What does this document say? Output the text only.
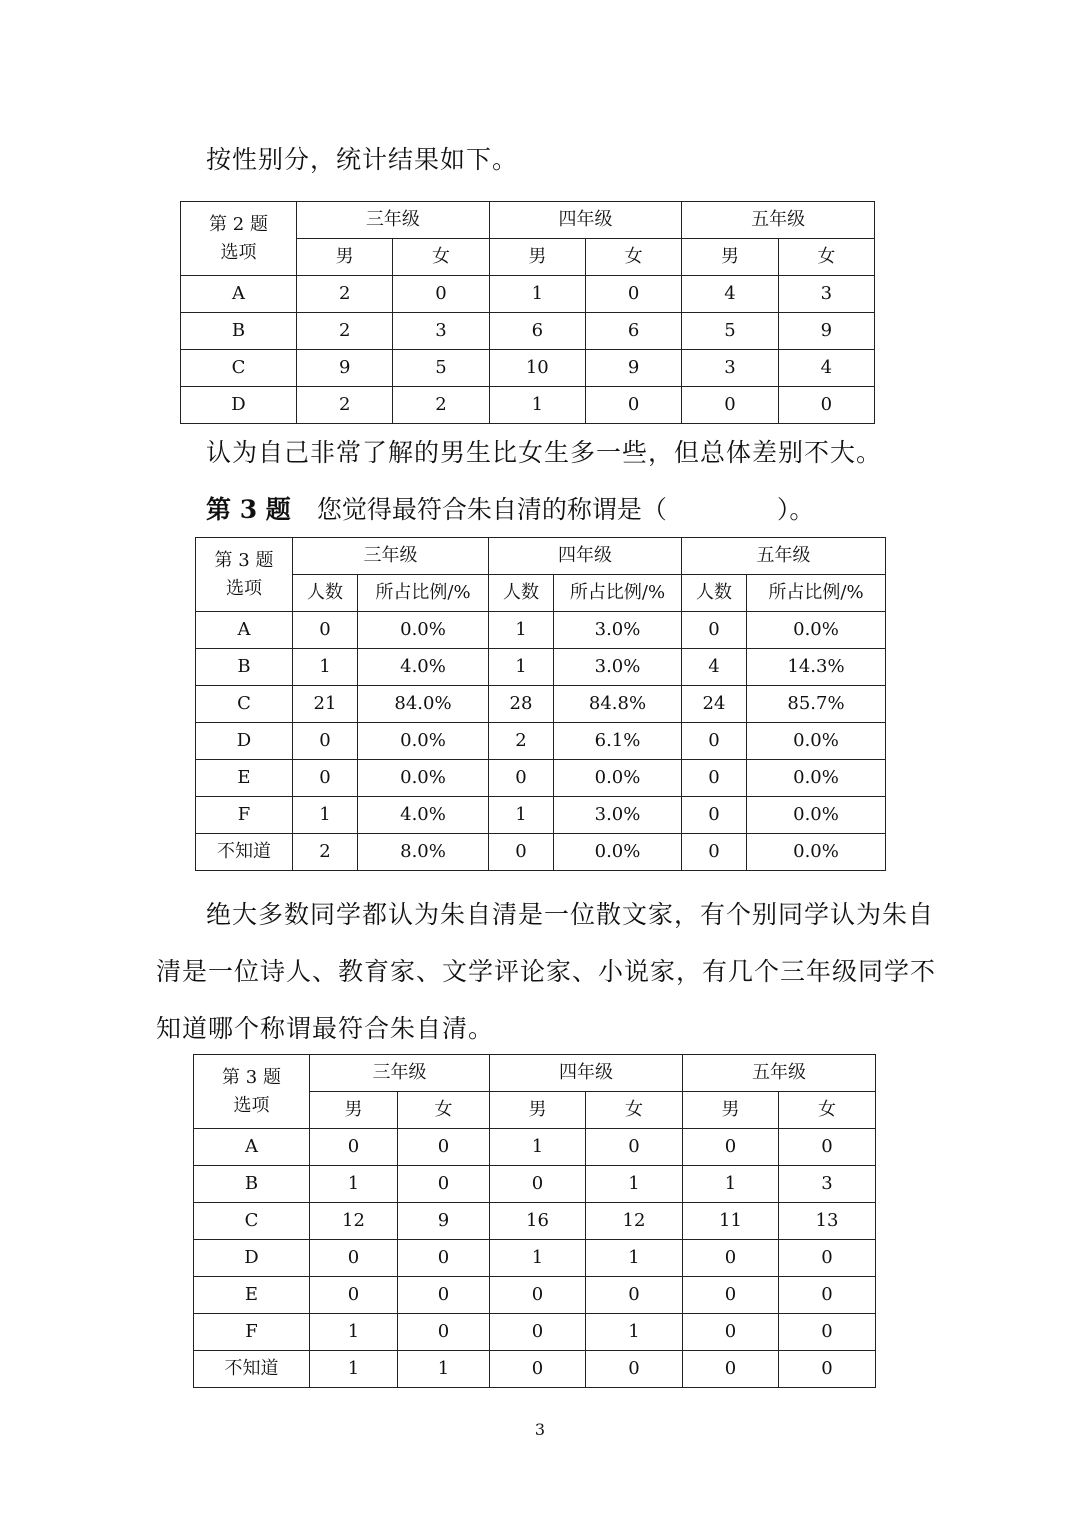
按性别分，统计结果如下。

第 2 题
选项	三年级		四年级		五年级	
	男	女	男	女	男	女
A	2	0	1	0	4	3
B	2	3	6	6	5	9
C	9	5	10	9	3	4
D	2	2	1	0	0	0

认为自己非常了解的男生比女生多一些，但总体差别不大。

第 3 题 您觉得最符合朱自清的称谓是（	）。

第 3 题
选项	三年级		四年级		五年级	
	人数	所占比例/%	人数	所占比例/%	人数	所占比例/%
A	0	0.0%	1	3.0%	0	0.0%
B	1	4.0%	1	3.0%	4	14.3%
C	21	84.0%	28	84.8%	24	85.7%
D	0	0.0%	2	6.1%	0	0.0%
E	0	0.0%	0	0.0%	0	0.0%
F	1	4.0%	1	3.0%	0	0.0%
不知道	2	8.0%	0	0.0%	0	0.0%

绝大多数同学都认为朱自清是一位散文家，有个别同学认为朱自

清是一位诗人、教育家、文学评论家、小说家，有几个三年级同学不

知道哪个称谓最符合朱自清。

第 3 题
选项	三年级		四年级		五年级	
	男	女	男	女	男	女
A	0	0	1	0	0	0
B	1	0	0	1	1	3
C	12	9	16	12	11	13
D	0	0	1	1	0	0
E	0	0	0	0	0	0
F	1	0	0	1	0	0
不知道	1	1	0	0	0	0
3
